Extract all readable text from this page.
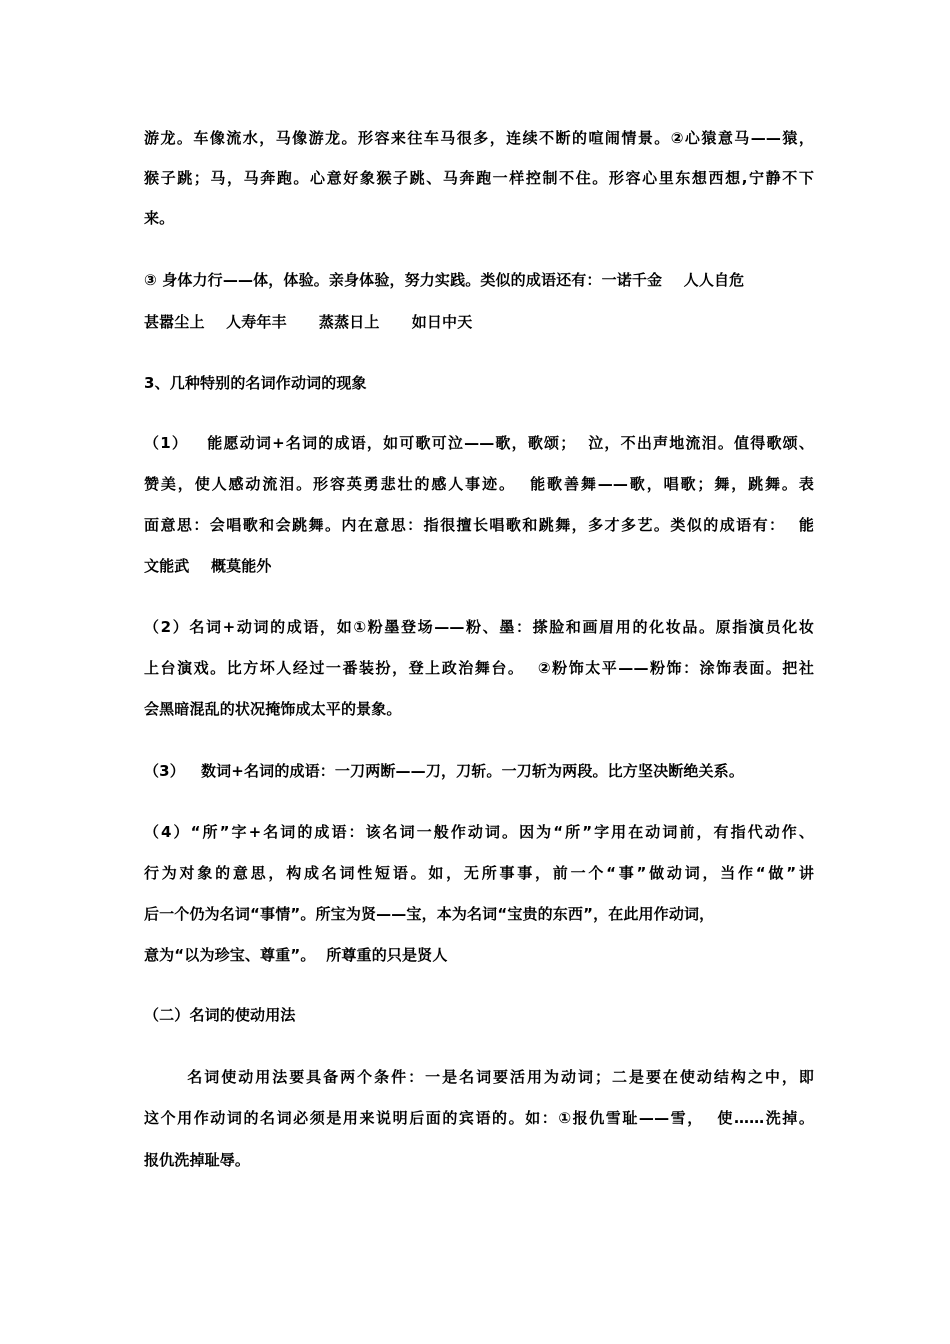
游龙。车像流水，马像游龙。形容来往车马很多，连续不断的喧闹情景。②心猿意马——猿，
猴子跳；马，马奔跑。心意好象猴子跳、马奔跑一样控制不住。形容心里东想西想,宁静不下
来。
③ 身体力行——体，体验。亲身体验，努力实践。类似的成语还有：一诺千金    人人自危
甚嚣尘上    人寿年丰      蒸蒸日上      如日中天
3、几种特别的名词作动词的现象
（1）   能愿动词+名词的成语，如可歌可泣——歌，歌颂；  泣，不出声地流泪。值得歌颂、
赞美，使人感动流泪。形容英勇悲壮的感人事迹。  能歌善舞——歌，唱歌；舞，跳舞。表
面意思：会唱歌和会跳舞。内在意思：指很擅长唱歌和跳舞，多才多艺。类似的成语有：  能
文能武    概莫能外
（2）名词+动词的成语，如①粉墨登场——粉、墨：搽脸和画眉用的化妆品。原指演员化妆
上台演戏。比方坏人经过一番装扮，登上政治舞台。  ②粉饰太平——粉饰：涂饰表面。把社
会黑暗混乱的状况掩饰成太平的景象。
（3）   数词+名词的成语：一刀两断——刀，刀斩。一刀斩为两段。比方坚决断绝关系。
（4）“所”字+名词的成语：该名词一般作动词。因为“所”字用在动词前，有指代动作、
行为对象的意思，构成名词性短语。如，无所事事，前一个“事”做动词，当作“做”讲
后一个仍为名词“事情”。所宝为贤——宝，本为名词“宝贵的东西”，在此用作动词，
意为“以为珍宝、尊重”。  所尊重的只是贤人
（二）名词的使动用法
名词使动用法要具备两个条件：一是名词要活用为动词；二是要在使动结构之中，即
这个用作动词的名词必须是用来说明后面的宾语的。如：①报仇雪耻——雪，  使……洗掉。
报仇洗掉耻辱。
